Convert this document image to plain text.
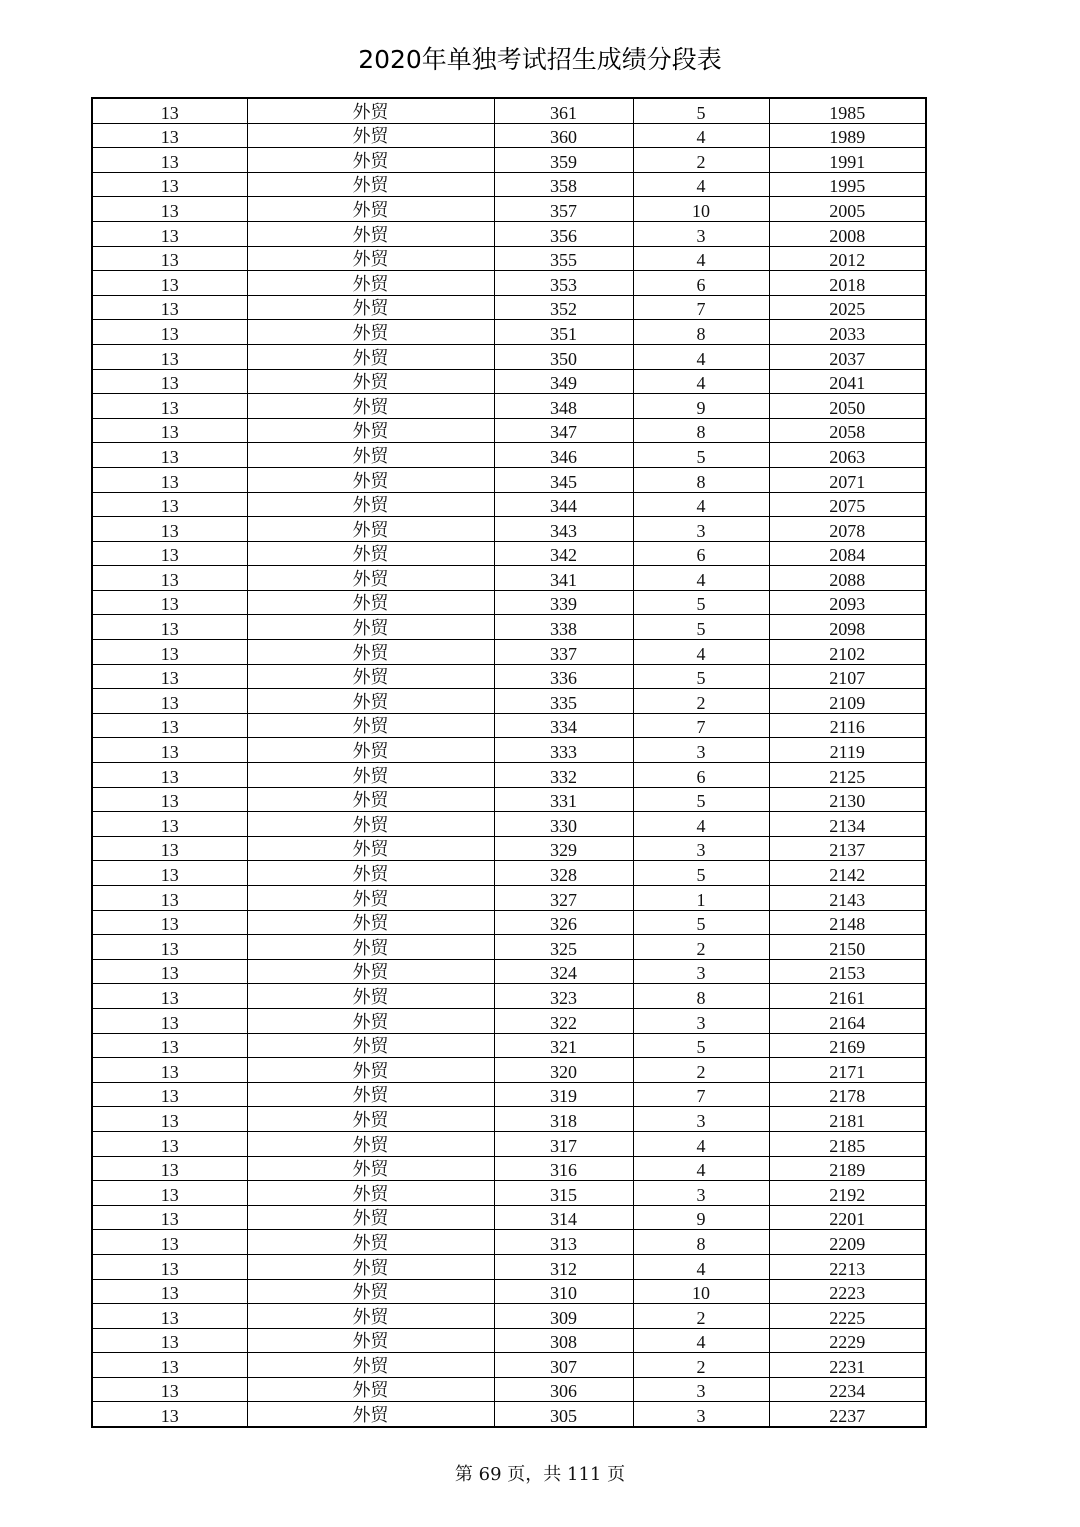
2020年单独考试招生成绩分段表
13	外贸	361	5	1985
13	外贸	360	4	1989
13	外贸	359	2	1991
13	外贸	358	4	1995
13	外贸	357	10	2005
13	外贸	356	3	2008
13	外贸	355	4	2012
13	外贸	353	6	2018
13	外贸	352	7	2025
13	外贸	351	8	2033
13	外贸	350	4	2037
13	外贸	349	4	2041
13	外贸	348	9	2050
13	外贸	347	8	2058
13	外贸	346	5	2063
13	外贸	345	8	2071
13	外贸	344	4	2075
13	外贸	343	3	2078
13	外贸	342	6	2084
13	外贸	341	4	2088
13	外贸	339	5	2093
13	外贸	338	5	2098
13	外贸	337	4	2102
13	外贸	336	5	2107
13	外贸	335	2	2109
13	外贸	334	7	2116
13	外贸	333	3	2119
13	外贸	332	6	2125
13	外贸	331	5	2130
13	外贸	330	4	2134
13	外贸	329	3	2137
13	外贸	328	5	2142
13	外贸	327	1	2143
13	外贸	326	5	2148
13	外贸	325	2	2150
13	外贸	324	3	2153
13	外贸	323	8	2161
13	外贸	322	3	2164
13	外贸	321	5	2169
13	外贸	320	2	2171
13	外贸	319	7	2178
13	外贸	318	3	2181
13	外贸	317	4	2185
13	外贸	316	4	2189
13	外贸	315	3	2192
13	外贸	314	9	2201
13	外贸	313	8	2209
13	外贸	312	4	2213
13	外贸	310	10	2223
13	外贸	309	2	2225
13	外贸	308	4	2229
13	外贸	307	2	2231
13	外贸	306	3	2234
13	外贸	305	3	2237
第 69 页，共 111 页
